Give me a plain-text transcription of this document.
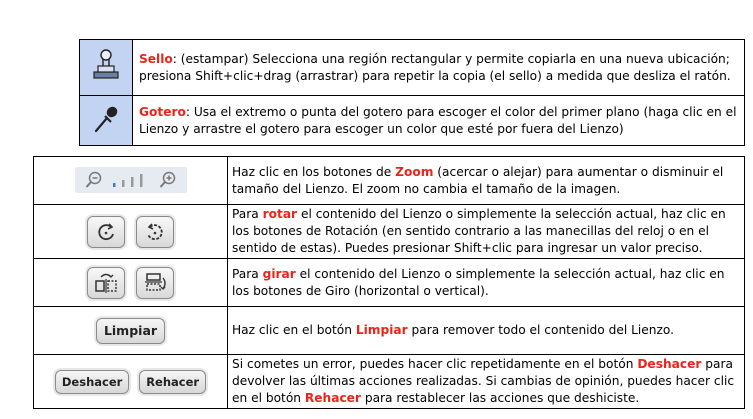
	Sello: (estampar) Selecciona una región rectangular y permite copiarla en una nueva ubicación; presiona Shift+clic+drag (arrastrar) para repetir la copia (el sello) a medida que desliza el ratón.
	Gotero: Usa el extremo o punta del gotero para escoger el color del primer plano (haga clic en el Lienzo y arrastre el gotero para escoger un color que esté por fuera del Lienzo)
	Haz clic en los botones de Zoom (acercar o alejar) para aumentar o disminuir el tamaño del Lienzo. El zoom no cambia el tamaño de la imagen.

	Para rotar el contenido del Lienzo o simplemente la selección actual, haz clic en los botones de Rotación (en sentido contrario a las manecillas del reloj o en el sentido de estas). Puedes presionar Shift+clic para ingresar un valor preciso.

	Para girar el contenido del Lienzo o simplemente la selección actual, haz clic en los botones de Giro (horizontal o vertical).
Limpiar	Haz clic en el botón Limpiar para remover todo el contenido del Lienzo.
Deshacer Rehacer	Si cometes un error, puedes hacer clic repetidamente en el botón Deshacer para devolver las últimas acciones realizadas. Si cambias de opinión, puedes hacer clic en el botón Rehacer para restablecer las acciones que deshiciste.
